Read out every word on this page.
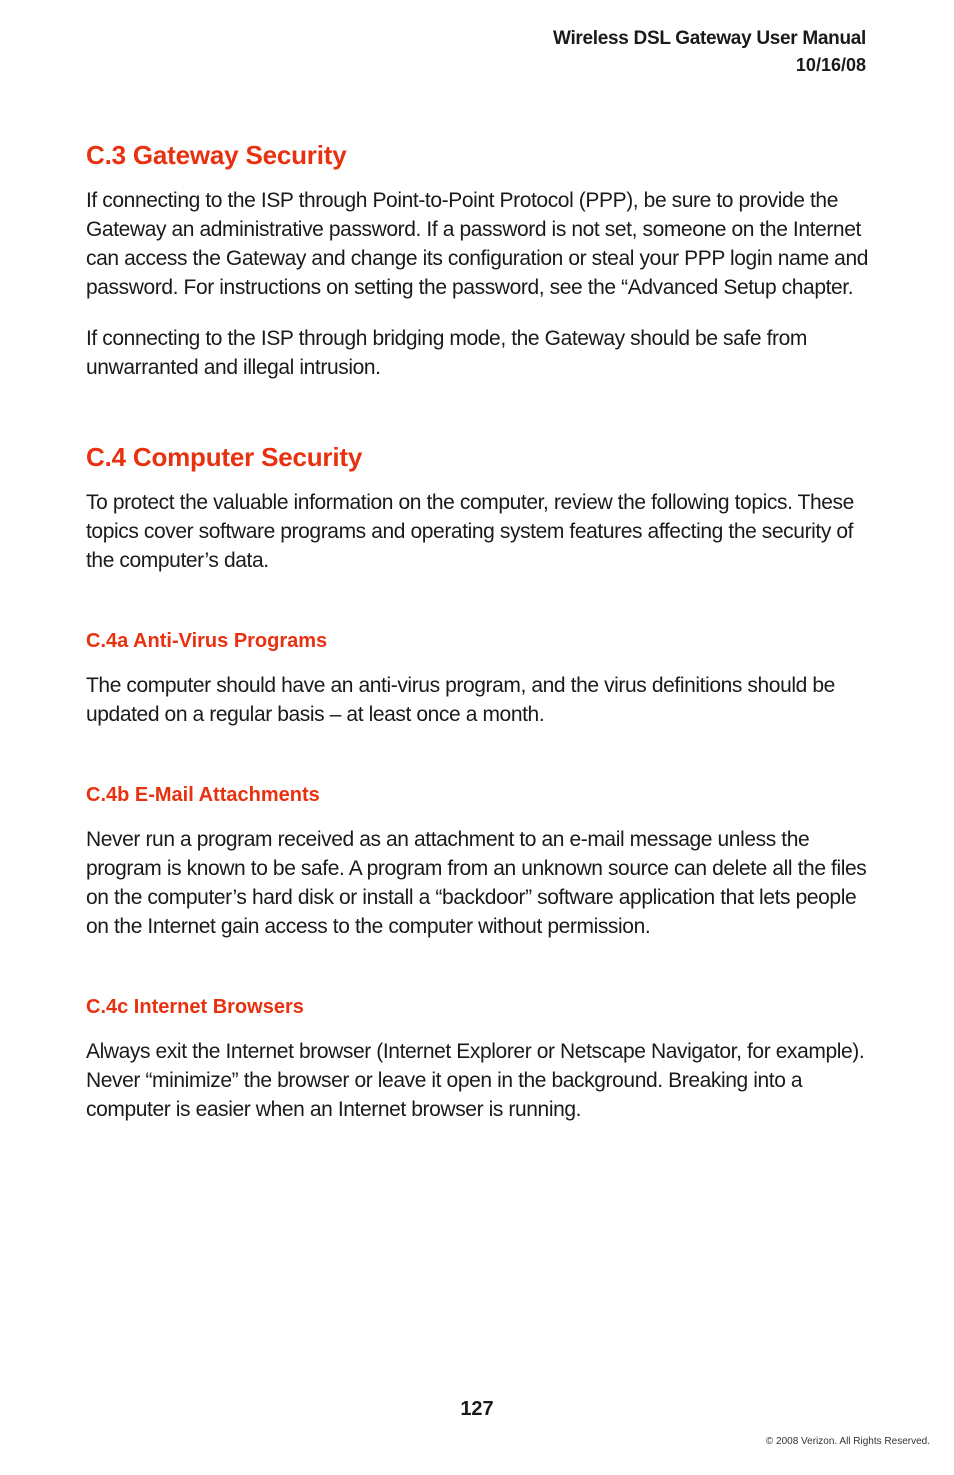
Wireless DSL Gateway User Manual
10/16/08
C.3 Gateway Security

If connecting to the ISP through Point-to-Point Protocol (PPP), be sure to provide the Gateway an administrative password. If a password is not set, someone on the Internet can access the Gateway and change its configuration or steal your PPP login name and password. For instructions on setting the password, see the “Advanced Setup chapter.

If connecting to the ISP through bridging mode, the Gateway should be safe from unwarranted and illegal intrusion.

C.4 Computer Security

To protect the valuable information on the computer, review the following topics. These topics cover software programs and operating system features affecting the security of the computer’s data.

C.4a Anti-Virus Programs

The computer should have an anti-virus program, and the virus definitions should be updated on a regular basis – at least once a month.

C.4b E-Mail Attachments

Never run a program received as an attachment to an e-mail message unless the program is known to be safe. A program from an unknown source can delete all the files on the computer’s hard disk or install a “backdoor” software application that lets people on the Internet gain access to the computer without permission.

C.4c Internet Browsers

Always exit the Internet browser (Internet Explorer or Netscape Navigator, for example). Never “minimize” the browser or leave it open in the background. Breaking into a computer is easier when an Internet browser is running.

127
© 2008 Verizon. All Rights Reserved.
